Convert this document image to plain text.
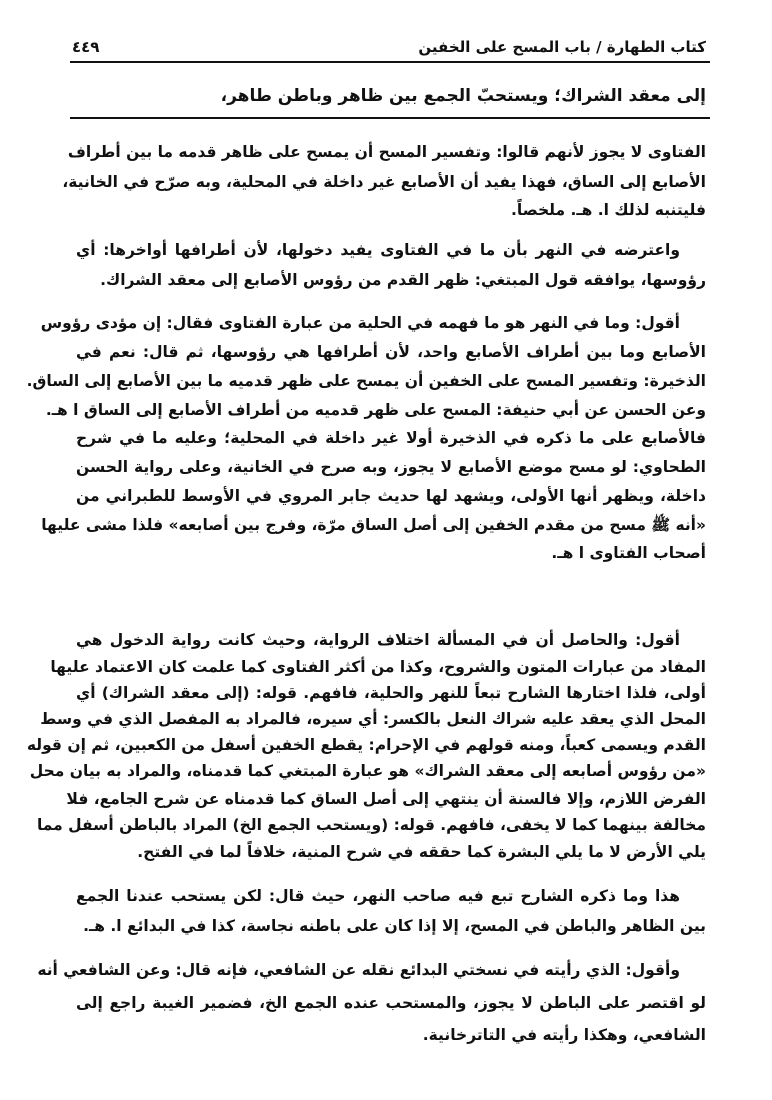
كتاب الطهارة / باب المسح على الخفين
٤٤٩
إلى معقد الشراك؛ ويستحبّ الجمع بين ظاهر وباطن طاهر،
الفتاوى لا يجوز لأنهم قالوا: وتفسير المسح أن يمسح على ظاهر قدمه ما بين أطراف
الأصابع إلى الساق، فهذا يفيد أن الأصابع غير داخلة في المحلية، وبه صرّح في الخانية،
فليتنبه لذلك ا. هـ. ملخصاً.
واعترضه في النهر بأن ما في الفتاوى يفيد دخولها، لأن أطرافها أواخرها: أي
رؤوسها، يوافقه قول المبتغي: ظهر القدم من رؤوس الأصابع إلى معقد الشراك.
أقول: وما في النهر هو ما فهمه في الحلية من عبارة الفتاوى فقال: إن مؤدى رؤوس
الأصابع وما بين أطراف الأصابع واحد، لأن أطرافها هي رؤوسها، ثم قال: نعم في
الذخيرة: وتفسير المسح على الخفين أن يمسح على ظهر قدميه ما بين الأصابع إلى الساق.
وعن الحسن عن أبي حنيفة: المسح على ظهر قدميه من أطراف الأصابع إلى الساق ا هـ.
فالأصابع على ما ذكره في الذخيرة أولا غير داخلة في المحلية؛ وعليه ما في شرح
الطحاوي: لو مسح موضع الأصابع لا يجوز، وبه صرح في الخانية، وعلى رواية الحسن
داخلة، ويظهر أنها الأولى، ويشهد لها حديث جابر المروي في الأوسط للطبراني من
«أنه ﷺ مسح من مقدم الخفين إلى أصل الساق مرّة، وفرج بين أصابعه» فلذا مشى عليها
أصحاب الفتاوى ا هـ.
أقول: والحاصل أن في المسألة اختلاف الرواية، وحيث كانت رواية الدخول هي
المفاد من عبارات المتون والشروح، وكذا من أكثر الفتاوى كما علمت كان الاعتماد عليها
أولى، فلذا اختارها الشارح تبعاً للنهر والحلية، فافهم. قوله: (إلى معقد الشراك) أي
المحل الذي يعقد عليه شراك النعل بالكسر: أي سيره، فالمراد به المفصل الذي في وسط
القدم ويسمى كعباً، ومنه قولهم في الإحرام: يقطع الخفين أسفل من الكعبين، ثم إن قوله
«من رؤوس أصابعه إلى معقد الشراك» هو عبارة المبتغي كما قدمناه، والمراد به بيان محل
الفرض اللازم، وإلا فالسنة أن ينتهي إلى أصل الساق كما قدمناه عن شرح الجامع، فلا
مخالفة بينهما كما لا يخفى، فافهم. قوله: (ويستحب الجمع الخ) المراد بالباطن أسفل مما
يلي الأرض لا ما يلي البشرة كما حققه في شرح المنية، خلافاً لما في الفتح.
هذا وما ذكره الشارح تبع فيه صاحب النهر، حيث قال: لكن يستحب عندنا الجمع
بين الظاهر والباطن في المسح، إلا إذا كان على باطنه نجاسة، كذا في البدائع ا. هـ.
وأقول: الذي رأيته في نسختي البدائع نقله عن الشافعي، فإنه قال: وعن الشافعي أنه
لو اقتصر على الباطن لا يجوز، والمستحب عنده الجمع الخ، فضمير الغيبة راجع إلى
الشافعي، وهكذا رأيته في التاترخانية.
